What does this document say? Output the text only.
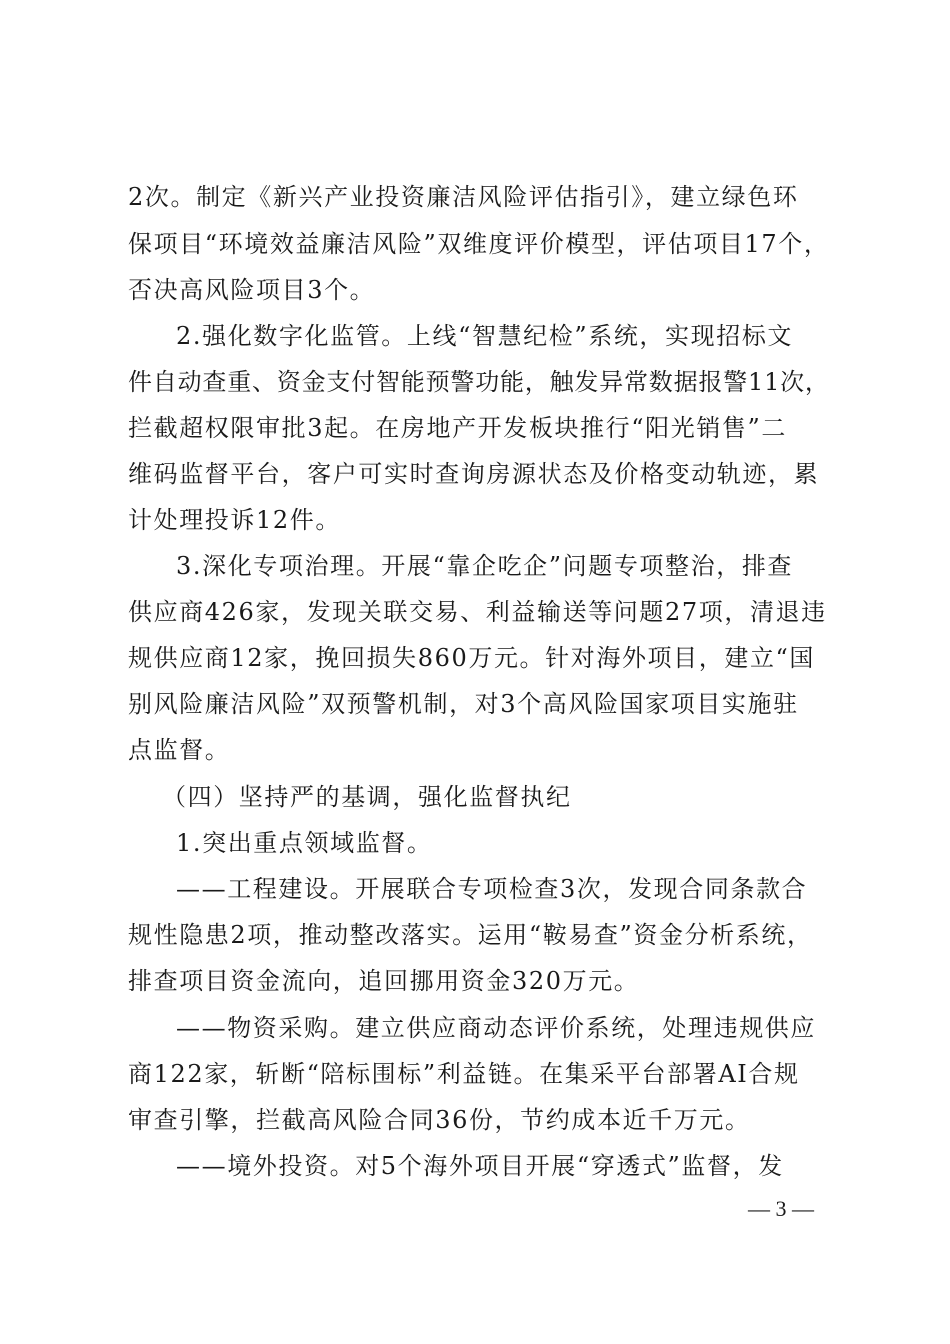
2次。制定《新兴产业投资廉洁风险评估指引》，建立绿色环
保项目“环境效益廉洁风险”双维度评价模型，评估项目17个，
否决高风险项目3个。
2.强化数字化监管。上线“智慧纪检”系统，实现招标文
件自动查重、资金支付智能预警功能，触发异常数据报警11次，
拦截超权限审批3起。在房地产开发板块推行“阳光销售”二
维码监督平台，客户可实时查询房源状态及价格变动轨迹，累
计处理投诉12件。
3.深化专项治理。开展“靠企吃企”问题专项整治，排查
供应商426家，发现关联交易、利益输送等问题27项，清退违
规供应商12家，挽回损失860万元。针对海外项目，建立“国
别风险廉洁风险”双预警机制，对3个高风险国家项目实施驻
点监督。
（四）坚持严的基调，强化监督执纪
1.突出重点领域监督。
——工程建设。开展联合专项检查3次，发现合同条款合
规性隐患2项，推动整改落实。运用“鞍易查”资金分析系统，
排查项目资金流向，追回挪用资金320万元。
——物资采购。建立供应商动态评价系统，处理违规供应
商122家，斩断“陪标围标”利益链。在集采平台部署AI合规
审查引擎，拦截高风险合同36份，节约成本近千万元。
——境外投资。对5个海外项目开展“穿透式”监督，发
— 3 —
